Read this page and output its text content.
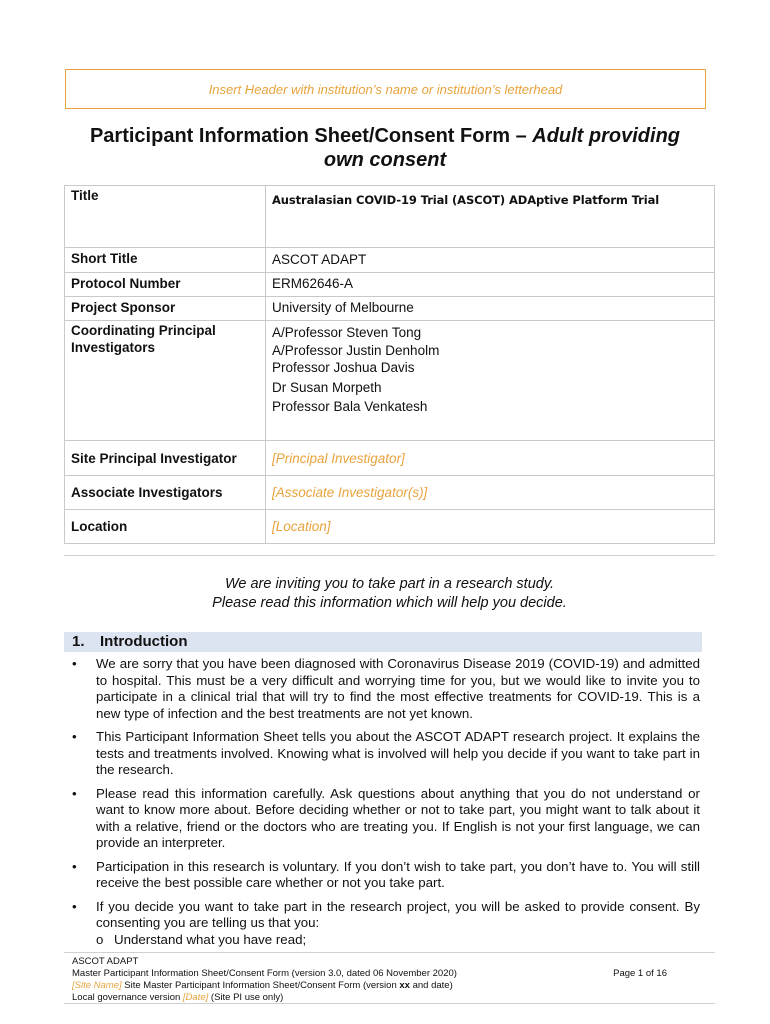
Insert Header with institution’s name or institution’s letterhead
Participant Information Sheet/Consent Form – Adult providing own consent
Title	Australasian COVID-19 Trial (ASCOT) ADAptive Platform Trial
Short Title	ASCOT ADAPT
Protocol Number	ERM62646-A
Project Sponsor	University of Melbourne
Coordinating Principal Investigators	A/Professor Steven Tong
A/Professor Justin Denholm
Professor Joshua Davis
Dr Susan Morpeth
Professor Bala Venkatesh

Site Principal Investigator	[Principal Investigator]
Associate Investigators	[Associate Investigator(s)]
Location	[Location]
We are inviting you to take part in a research study.
Please read this information which will help you decide.
1. Introduction
• We are sorry that you have been diagnosed with Coronavirus Disease 2019 (COVID-19) and admitted to hospital. This must be a very difficult and worrying time for you, but we would like to invite you to participate in a clinical trial that will try to find the most effective treatments for COVID-19. This is a new type of infection and the best treatments are not yet known.
• This Participant Information Sheet tells you about the ASCOT ADAPT research project. It explains the tests and treatments involved. Knowing what is involved will help you decide if you want to take part in the research.
• Please read this information carefully. Ask questions about anything that you do not understand or want to know more about. Before deciding whether or not to take part, you might want to talk about it with a relative, friend or the doctors who are treating you. If English is not your first language, we can provide an interpreter.
• Participation in this research is voluntary. If you don’t wish to take part, you don’t have to. You will still receive the best possible care whether or not you take part.
• If you decide you want to take part in the research project, you will be asked to provide consent. By consenting you are telling us that you:
o Understand what you have read;
ASCOT ADAPT
Master Participant Information Sheet/Consent Form (version 3.0, dated 06 November 2020)
[Site Name] Site Master Participant Information Sheet/Consent Form (version xx and date)
Local governance version [Date] (Site PI use only)
Page 1 of 16
